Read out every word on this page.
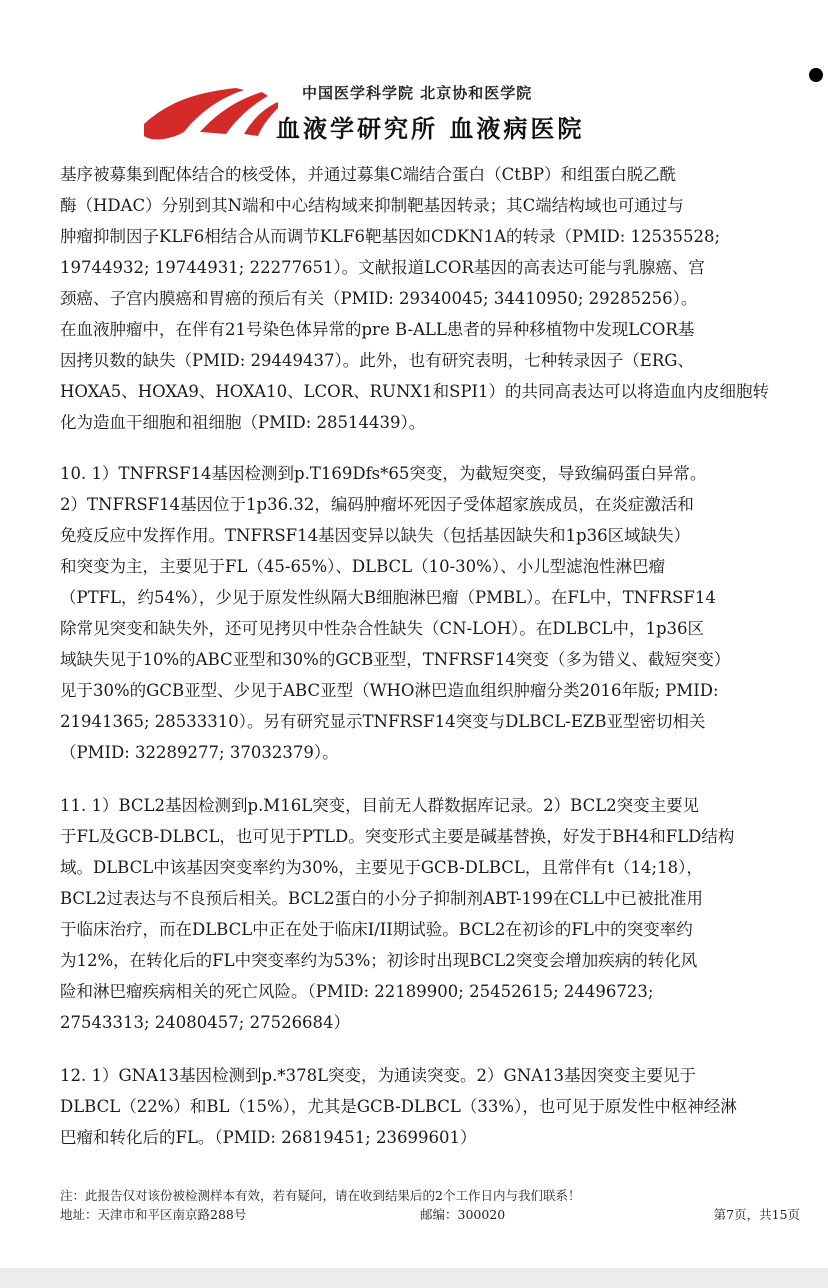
中国医学科学院 北京协和医学院
血液学研究所 血液病医院
基序被募集到配体结合的核受体，并通过募集C端结合蛋白（CtBP）和组蛋白脱乙酰
酶（HDAC）分别到其N端和中心结构域来抑制靶基因转录；其C端结构域也可通过与
肿瘤抑制因子KLF6相结合从而调节KLF6靶基因如CDKN1A的转录（PMID: 12535528;
19744932; 19744931; 22277651）。文献报道LCOR基因的高表达可能与乳腺癌、宫
颈癌、子宫内膜癌和胃癌的预后有关（PMID: 29340045; 34410950; 29285256）。
在血液肿瘤中，在伴有21号染色体异常的pre B-ALL患者的异种移植物中发现LCOR基
因拷贝数的缺失（PMID: 29449437）。此外，也有研究表明，七种转录因子（ERG、
HOXA5、HOXA9、HOXA10、LCOR、RUNX1和SPI1）的共同高表达可以将造血内皮细胞转
化为造血干细胞和祖细胞（PMID: 28514439）。
10. 1）TNFRSF14基因检测到p.T169Dfs*65突变，为截短突变，导致编码蛋白异常。
2）TNFRSF14基因位于1p36.32，编码肿瘤坏死因子受体超家族成员，在炎症激活和
免疫反应中发挥作用。TNFRSF14基因变异以缺失（包括基因缺失和1p36区域缺失）
和突变为主，主要见于FL（45-65%）、DLBCL（10-30%）、小儿型滤泡性淋巴瘤
（PTFL，约54%），少见于原发性纵隔大B细胞淋巴瘤（PMBL）。在FL中，TNFRSF14
除常见突变和缺失外，还可见拷贝中性杂合性缺失（CN-LOH）。在DLBCL中，1p36区
域缺失见于10%的ABC亚型和30%的GCB亚型，TNFRSF14突变（多为错义、截短突变）
见于30%的GCB亚型、少见于ABC亚型（WHO淋巴造血组织肿瘤分类2016年版; PMID:
21941365; 28533310）。另有研究显示TNFRSF14突变与DLBCL-EZB亚型密切相关
（PMID: 32289277; 37032379）。
11. 1）BCL2基因检测到p.M16L突变，目前无人群数据库记录。2）BCL2突变主要见
于FL及GCB-DLBCL，也可见于PTLD。突变形式主要是碱基替换，好发于BH4和FLD结构
域。DLBCL中该基因突变率约为30%，主要见于GCB-DLBCL，且常伴有t（14;18），
BCL2过表达与不良预后相关。BCL2蛋白的小分子抑制剂ABT-199在CLL中已被批准用
于临床治疗，而在DLBCL中正在处于临床I/II期试验。BCL2在初诊的FL中的突变率约
为12%，在转化后的FL中突变率约为53%；初诊时出现BCL2突变会增加疾病的转化风
险和淋巴瘤疾病相关的死亡风险。（PMID: 22189900; 25452615; 24496723;
27543313; 24080457; 27526684）
12. 1）GNA13基因检测到p.*378L突变，为通读突变。2）GNA13基因突变主要见于
DLBCL（22%）和BL（15%），尤其是GCB-DLBCL（33%），也可见于原发性中枢神经淋
巴瘤和转化后的FL。（PMID: 26819451; 23699601）
注：此报告仅对该份被检测样本有效，若有疑问，请在收到结果后的2个工作日内与我们联系！
地址：天津市和平区南京路288号	邮编：300020	第7页，共15页
